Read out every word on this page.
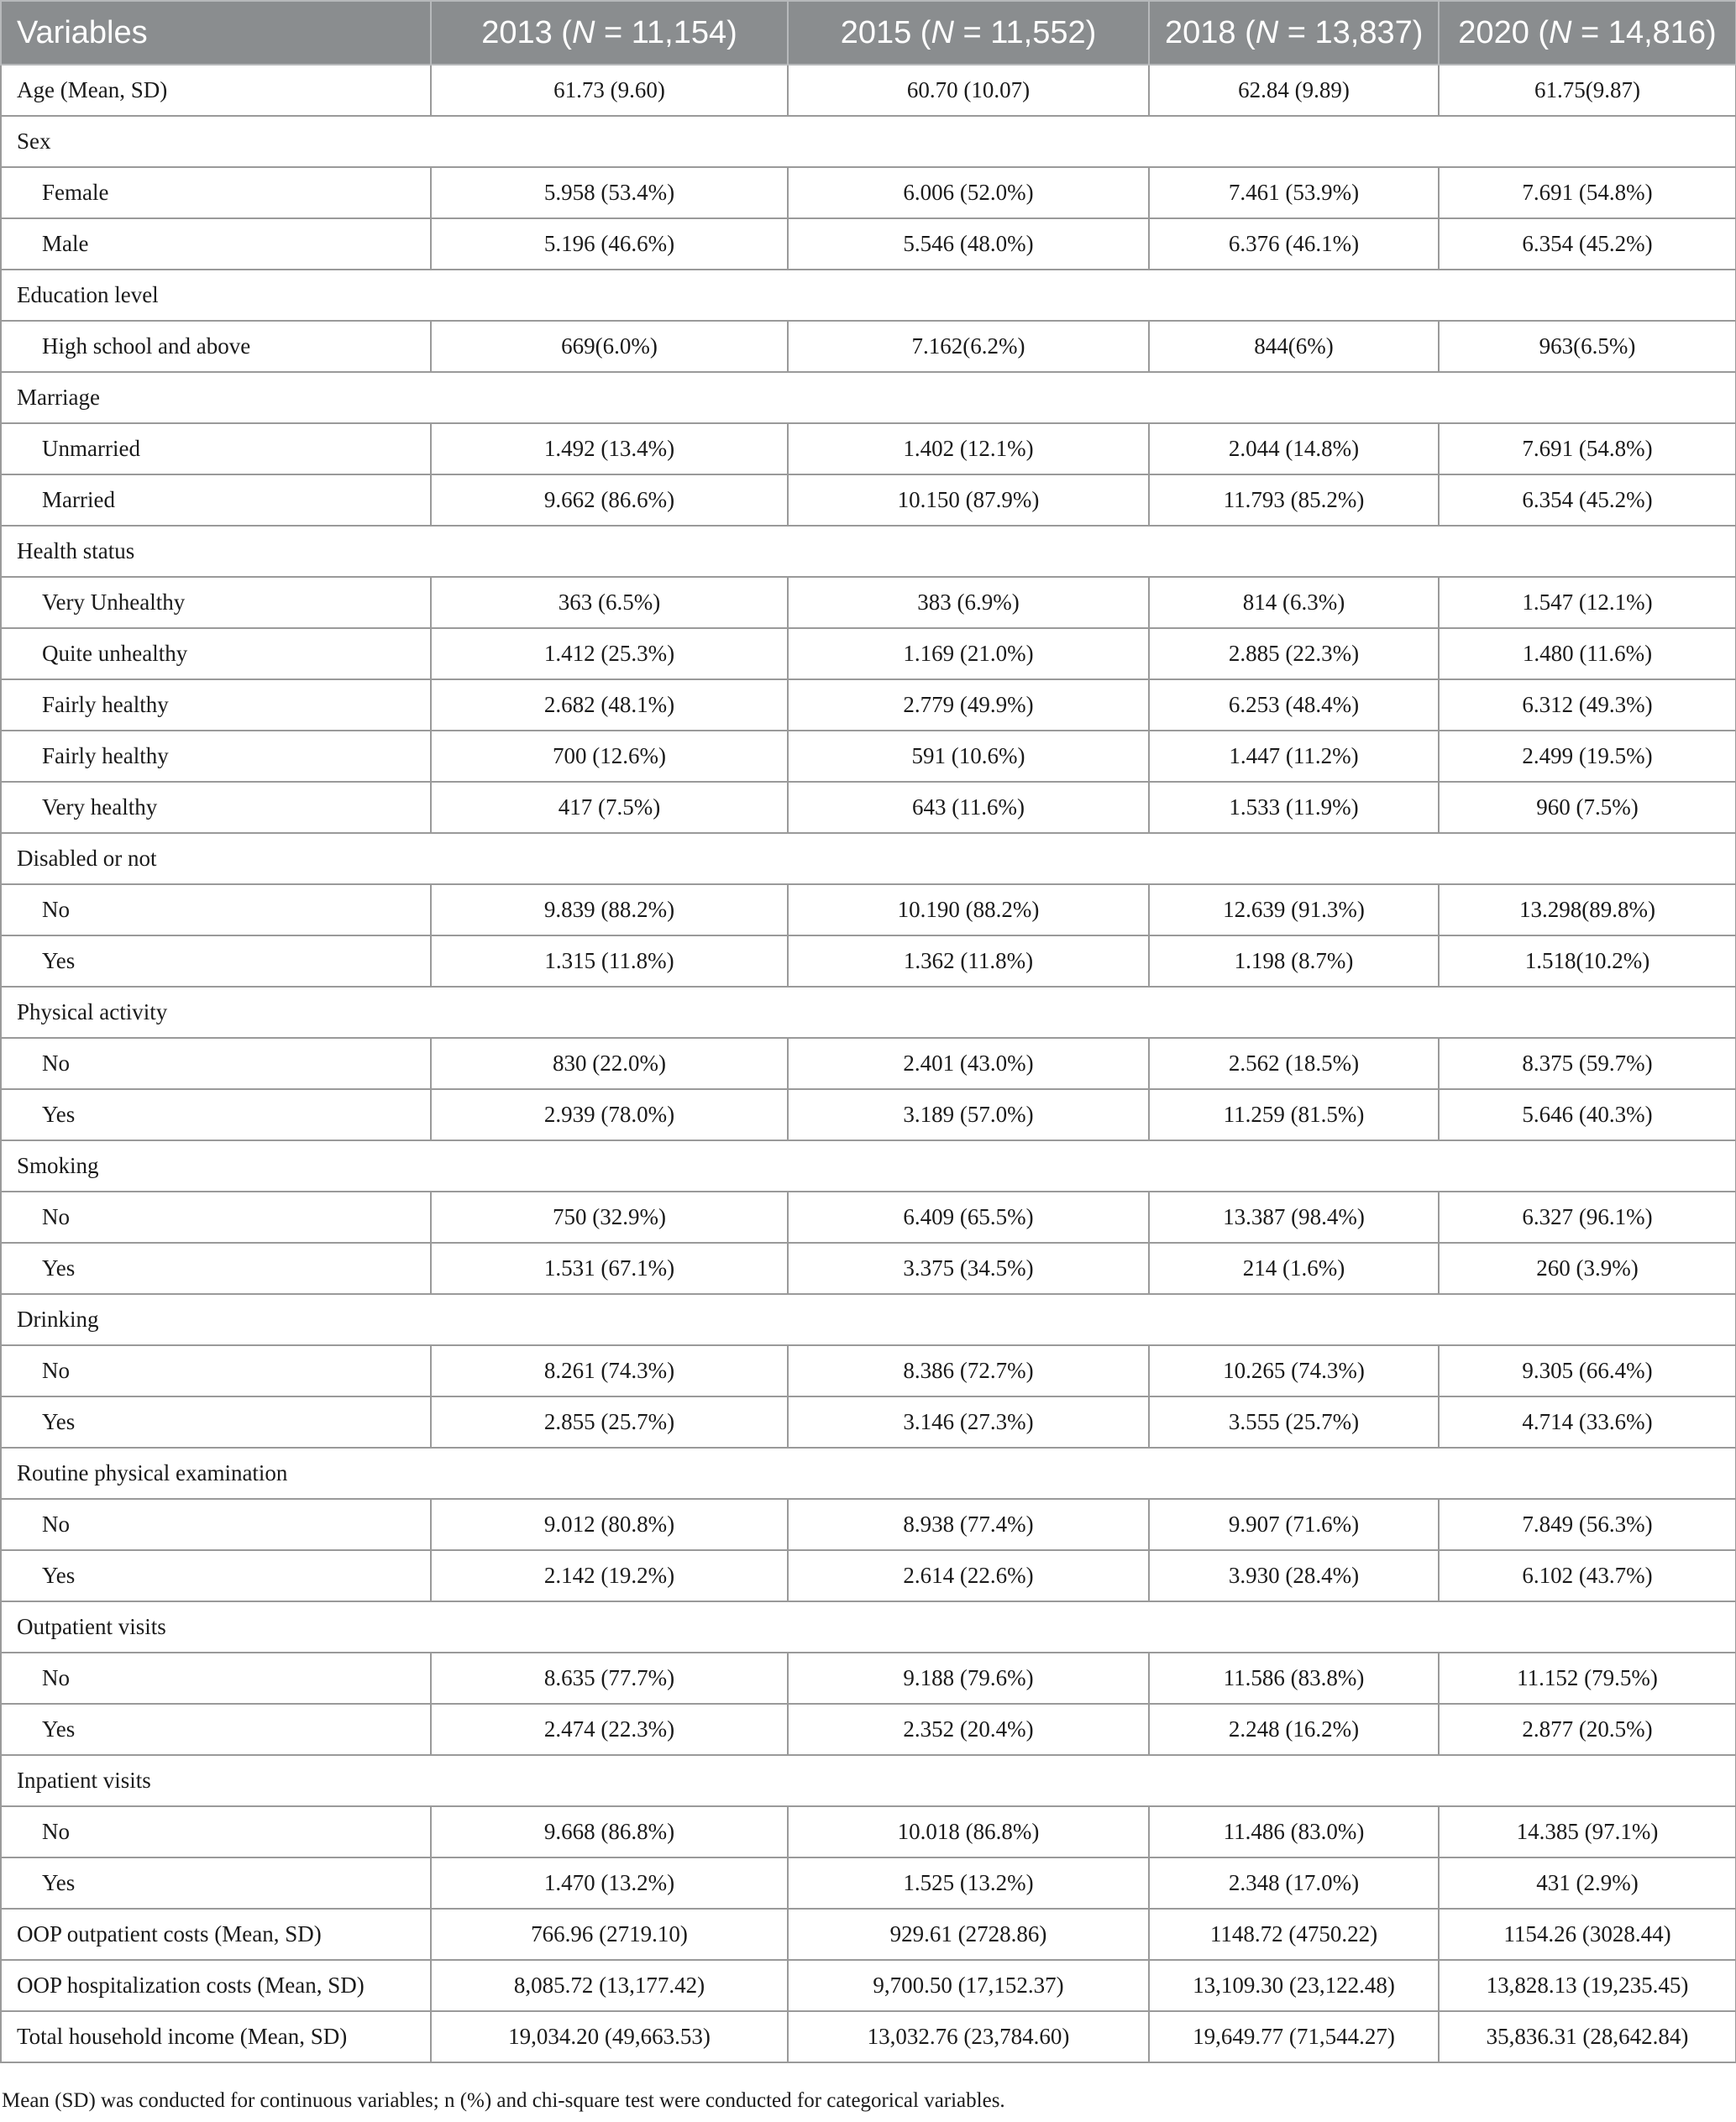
Variables	2013 (N = 11,154)	2015 (N = 11,552)	2018 (N = 13,837)	2020 (N = 14,816)
Age (Mean, SD)	61.73 (9.60)	60.70 (10.07)	62.84 (9.89)	61.75(9.87)
Sex				
Female	5.958 (53.4%)	6.006 (52.0%)	7.461 (53.9%)	7.691 (54.8%)
Male	5.196 (46.6%)	5.546 (48.0%)	6.376 (46.1%)	6.354 (45.2%)
Education level				
High school and above	669(6.0%)	7.162(6.2%)	844(6%)	963(6.5%)
Marriage				
Unmarried	1.492 (13.4%)	1.402 (12.1%)	2.044 (14.8%)	7.691 (54.8%)
Married	9.662 (86.6%)	10.150 (87.9%)	11.793 (85.2%)	6.354 (45.2%)
Health status				
Very Unhealthy	363 (6.5%)	383 (6.9%)	814 (6.3%)	1.547 (12.1%)
Quite unhealthy	1.412 (25.3%)	1.169 (21.0%)	2.885 (22.3%)	1.480 (11.6%)
Fairly healthy	2.682 (48.1%)	2.779 (49.9%)	6.253 (48.4%)	6.312 (49.3%)
Fairly healthy	700 (12.6%)	591 (10.6%)	1.447 (11.2%)	2.499 (19.5%)
Very healthy	417 (7.5%)	643 (11.6%)	1.533 (11.9%)	960 (7.5%)
Disabled or not				
No	9.839 (88.2%)	10.190 (88.2%)	12.639 (91.3%)	13.298(89.8%)
Yes	1.315 (11.8%)	1.362 (11.8%)	1.198 (8.7%)	1.518(10.2%)
Physical activity				
No	830 (22.0%)	2.401 (43.0%)	2.562 (18.5%)	8.375 (59.7%)
Yes	2.939 (78.0%)	3.189 (57.0%)	11.259 (81.5%)	5.646 (40.3%)
Smoking				
No	750 (32.9%)	6.409 (65.5%)	13.387 (98.4%)	6.327 (96.1%)
Yes	1.531 (67.1%)	3.375 (34.5%)	214 (1.6%)	260 (3.9%)
Drinking				
No	8.261 (74.3%)	8.386 (72.7%)	10.265 (74.3%)	9.305 (66.4%)
Yes	2.855 (25.7%)	3.146 (27.3%)	3.555 (25.7%)	4.714 (33.6%)
Routine physical examination				
No	9.012 (80.8%)	8.938 (77.4%)	9.907 (71.6%)	7.849 (56.3%)
Yes	2.142 (19.2%)	2.614 (22.6%)	3.930 (28.4%)	6.102 (43.7%)
Outpatient visits				
No	8.635 (77.7%)	9.188 (79.6%)	11.586 (83.8%)	11.152 (79.5%)
Yes	2.474 (22.3%)	2.352 (20.4%)	2.248 (16.2%)	2.877 (20.5%)
Inpatient visits				
No	9.668 (86.8%)	10.018 (86.8%)	11.486 (83.0%)	14.385 (97.1%)
Yes	1.470 (13.2%)	1.525 (13.2%)	2.348 (17.0%)	431 (2.9%)
OOP outpatient costs (Mean, SD)	766.96 (2719.10)	929.61 (2728.86)	1148.72 (4750.22)	1154.26 (3028.44)
OOP hospitalization costs (Mean, SD)	8,085.72 (13,177.42)	9,700.50 (17,152.37)	13,109.30 (23,122.48)	13,828.13 (19,235.45)
Total household income (Mean, SD)	19,034.20 (49,663.53)	13,032.76 (23,784.60)	19,649.77 (71,544.27)	35,836.31 (28,642.84)
Mean (SD) was conducted for continuous variables; n (%) and chi-square test were conducted for categorical variables.
